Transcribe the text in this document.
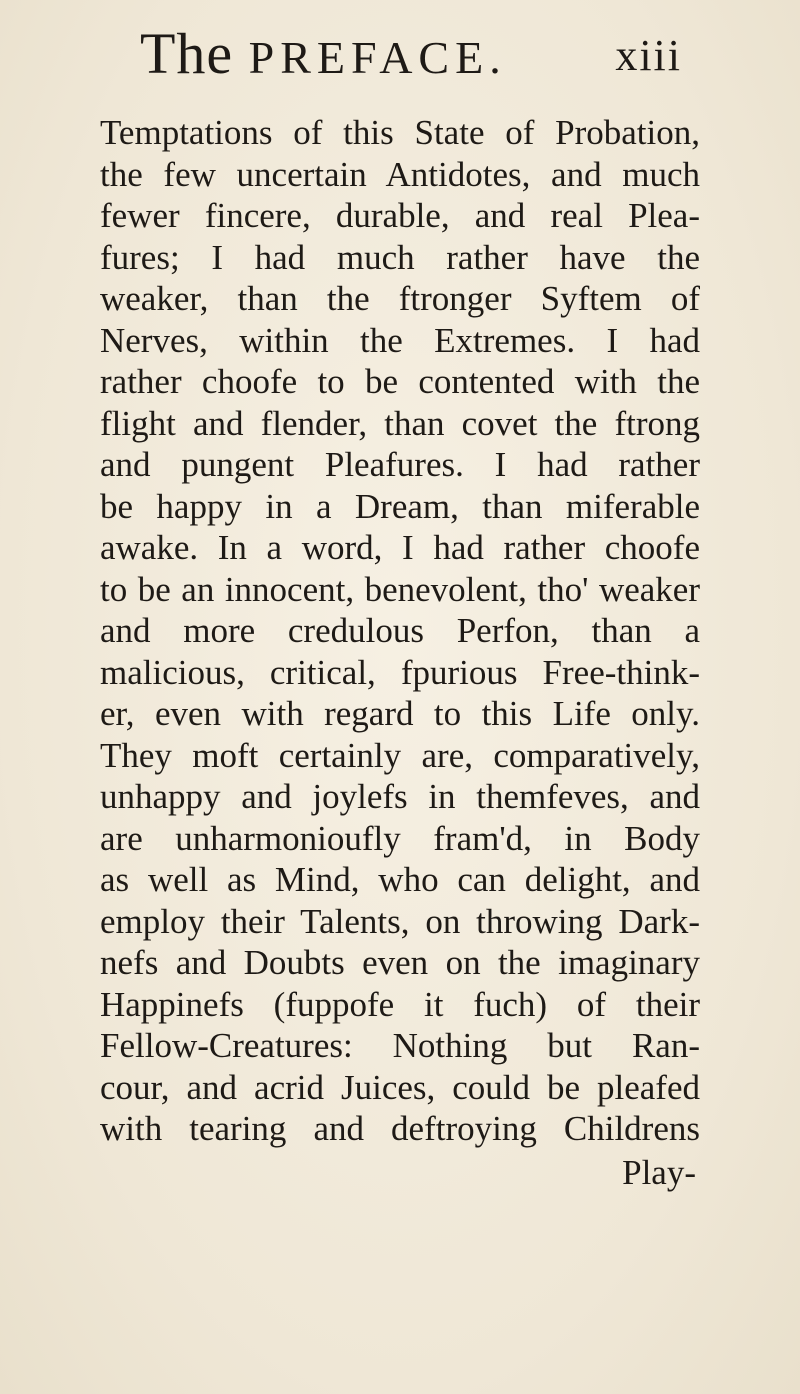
The PREFACE. xiii
Temptations of this State of Probation,
the few uncertain Antidotes, and much
fewer fincere, durable, and real Plea-
fures; I had much rather have the
weaker, than the ftronger Syftem of
Nerves, within the Extremes. I had
rather choofe to be contented with the
flight and flender, than covet the ftrong
and pungent Pleafures. I had rather
be happy in a Dream, than miferable
awake. In a word, I had rather choofe
to be an innocent, benevolent, tho' weaker
and more credulous Perfon, than a
malicious, critical, fpurious Free-think-
er, even with regard to this Life only.
They moft certainly are, comparatively,
unhappy and joylefs in themfeves, and
are unharmonioufly fram'd, in Body
as well as Mind, who can delight, and
employ their Talents, on throwing Dark-
nefs and Doubts even on the imaginary
Happinefs (fuppofe it fuch) of their
Fellow-Creatures: Nothing but Ran-
cour, and acrid Juices, could be pleafed
with tearing and deftroying Childrens
Play-
